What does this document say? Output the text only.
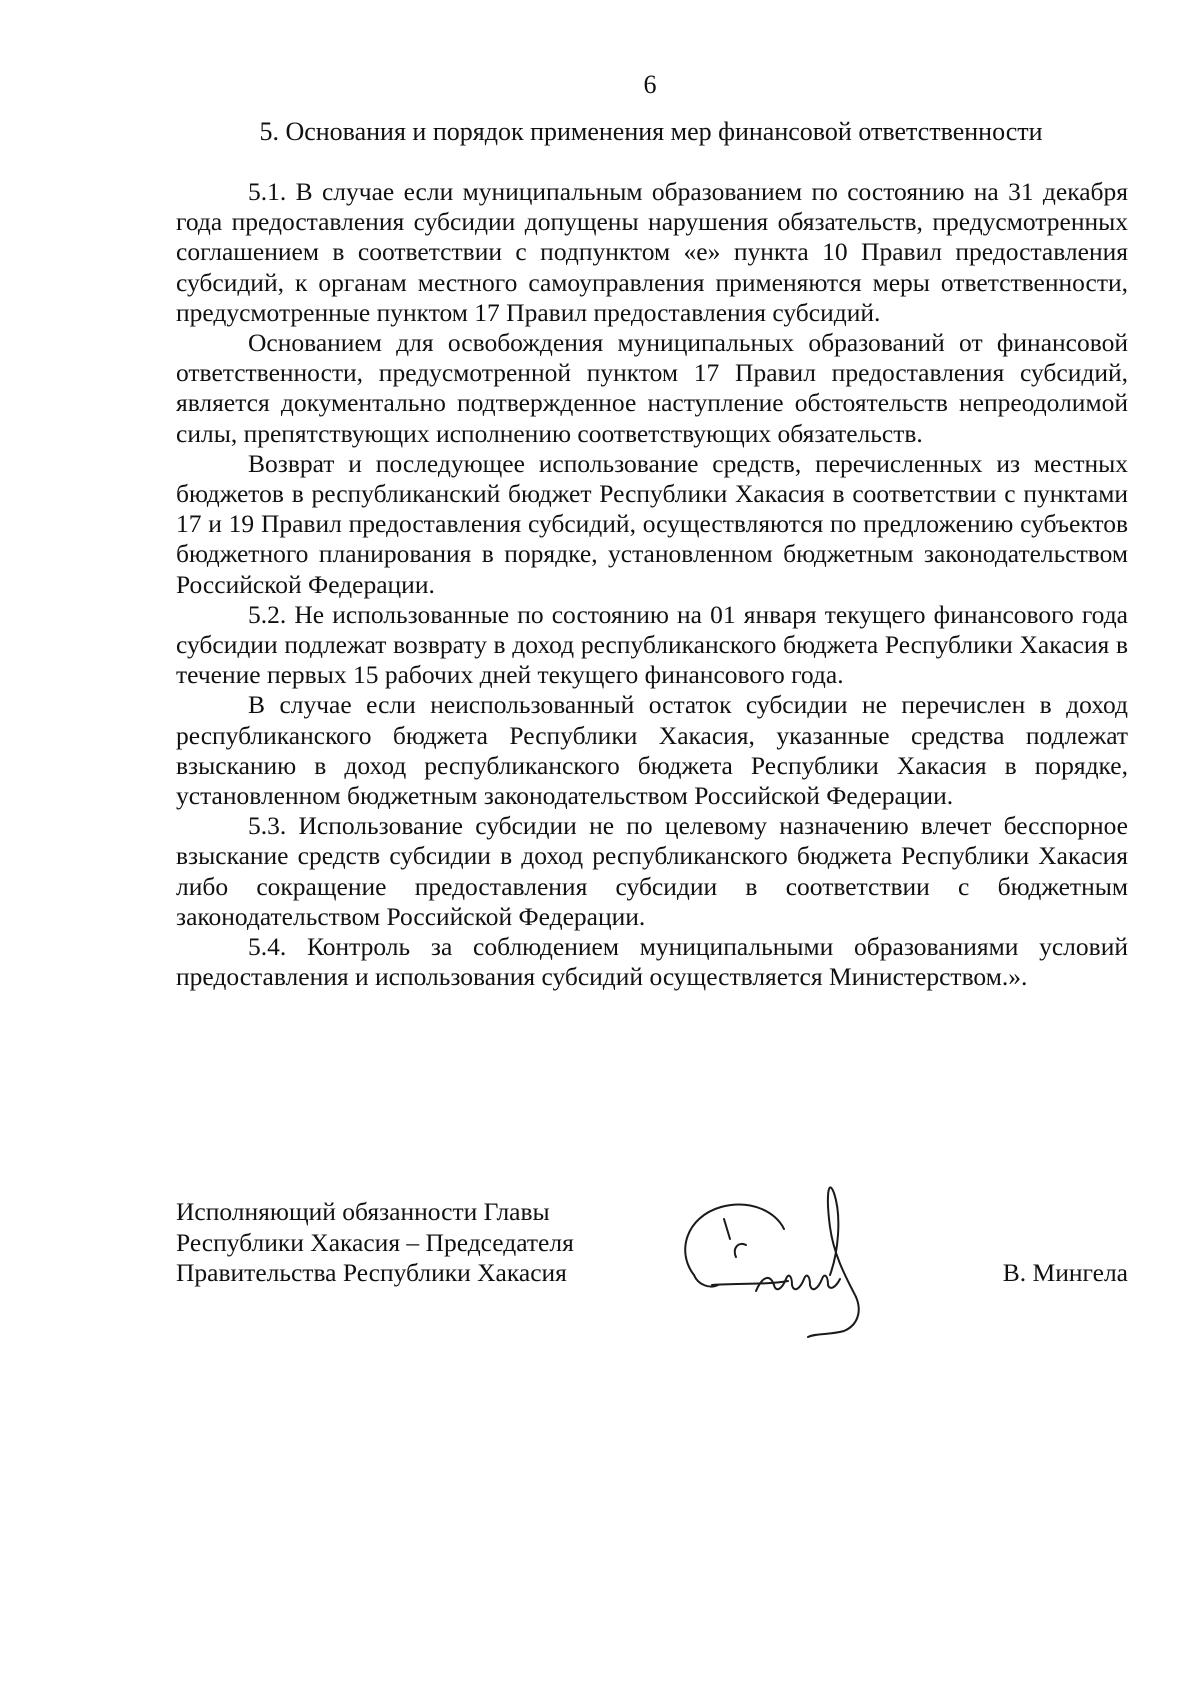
6
5. Основания и порядок применения мер финансовой ответственности

5.1. В случае если муниципальным образованием по состоянию на 31 декабря года предоставления субсидии допущены нарушения обязательств, предусмотренных соглашением в соответствии с подпунктом «е» пункта 10 Правил предоставления субсидий, к органам местного самоуправления применяются меры ответственности, предусмотренные пунктом 17 Правил предоставления субсидий.

Основанием для освобождения муниципальных образований от финансовой ответственности, предусмотренной пунктом 17 Правил предоставления субсидий, является документально подтвержденное наступление обстоятельств непреодолимой силы, препятствующих исполнению соответствующих обязательств.

Возврат и последующее использование средств, перечисленных из местных бюджетов в республиканский бюджет Республики Хакасия в соответствии с пунктами 17 и 19 Правил предоставления субсидий, осуществляются по предложению субъектов бюджетного планирования в порядке, установленном бюджетным законодательством Российской Федерации.

5.2. Не использованные по состоянию на 01 января текущего финансового года субсидии подлежат возврату в доход республиканского бюджета Республики Хакасия в течение первых 15 рабочих дней текущего финансового года.

В случае если неиспользованный остаток субсидии не перечислен в доход республиканского бюджета Республики Хакасия, указанные средства подлежат взысканию в доход республиканского бюджета Республики Хакасия в порядке, установленном бюджетным законодательством Российской Федерации.

5.3. Использование субсидии не по целевому назначению влечет бесспорное взыскание средств субсидии в доход республиканского бюджета Республики Хакасия либо сокращение предоставления субсидии в соответствии с бюджетным законодательством Российской Федерации.

5.4. Контроль за соблюдением муниципальными образованиями условий предоставления и использования субсидий осуществляется Министерством.».

Исполняющий обязанности Главы
Республики Хакасия – Председателя
Правительства Республики Хакасия	В. Мингела
